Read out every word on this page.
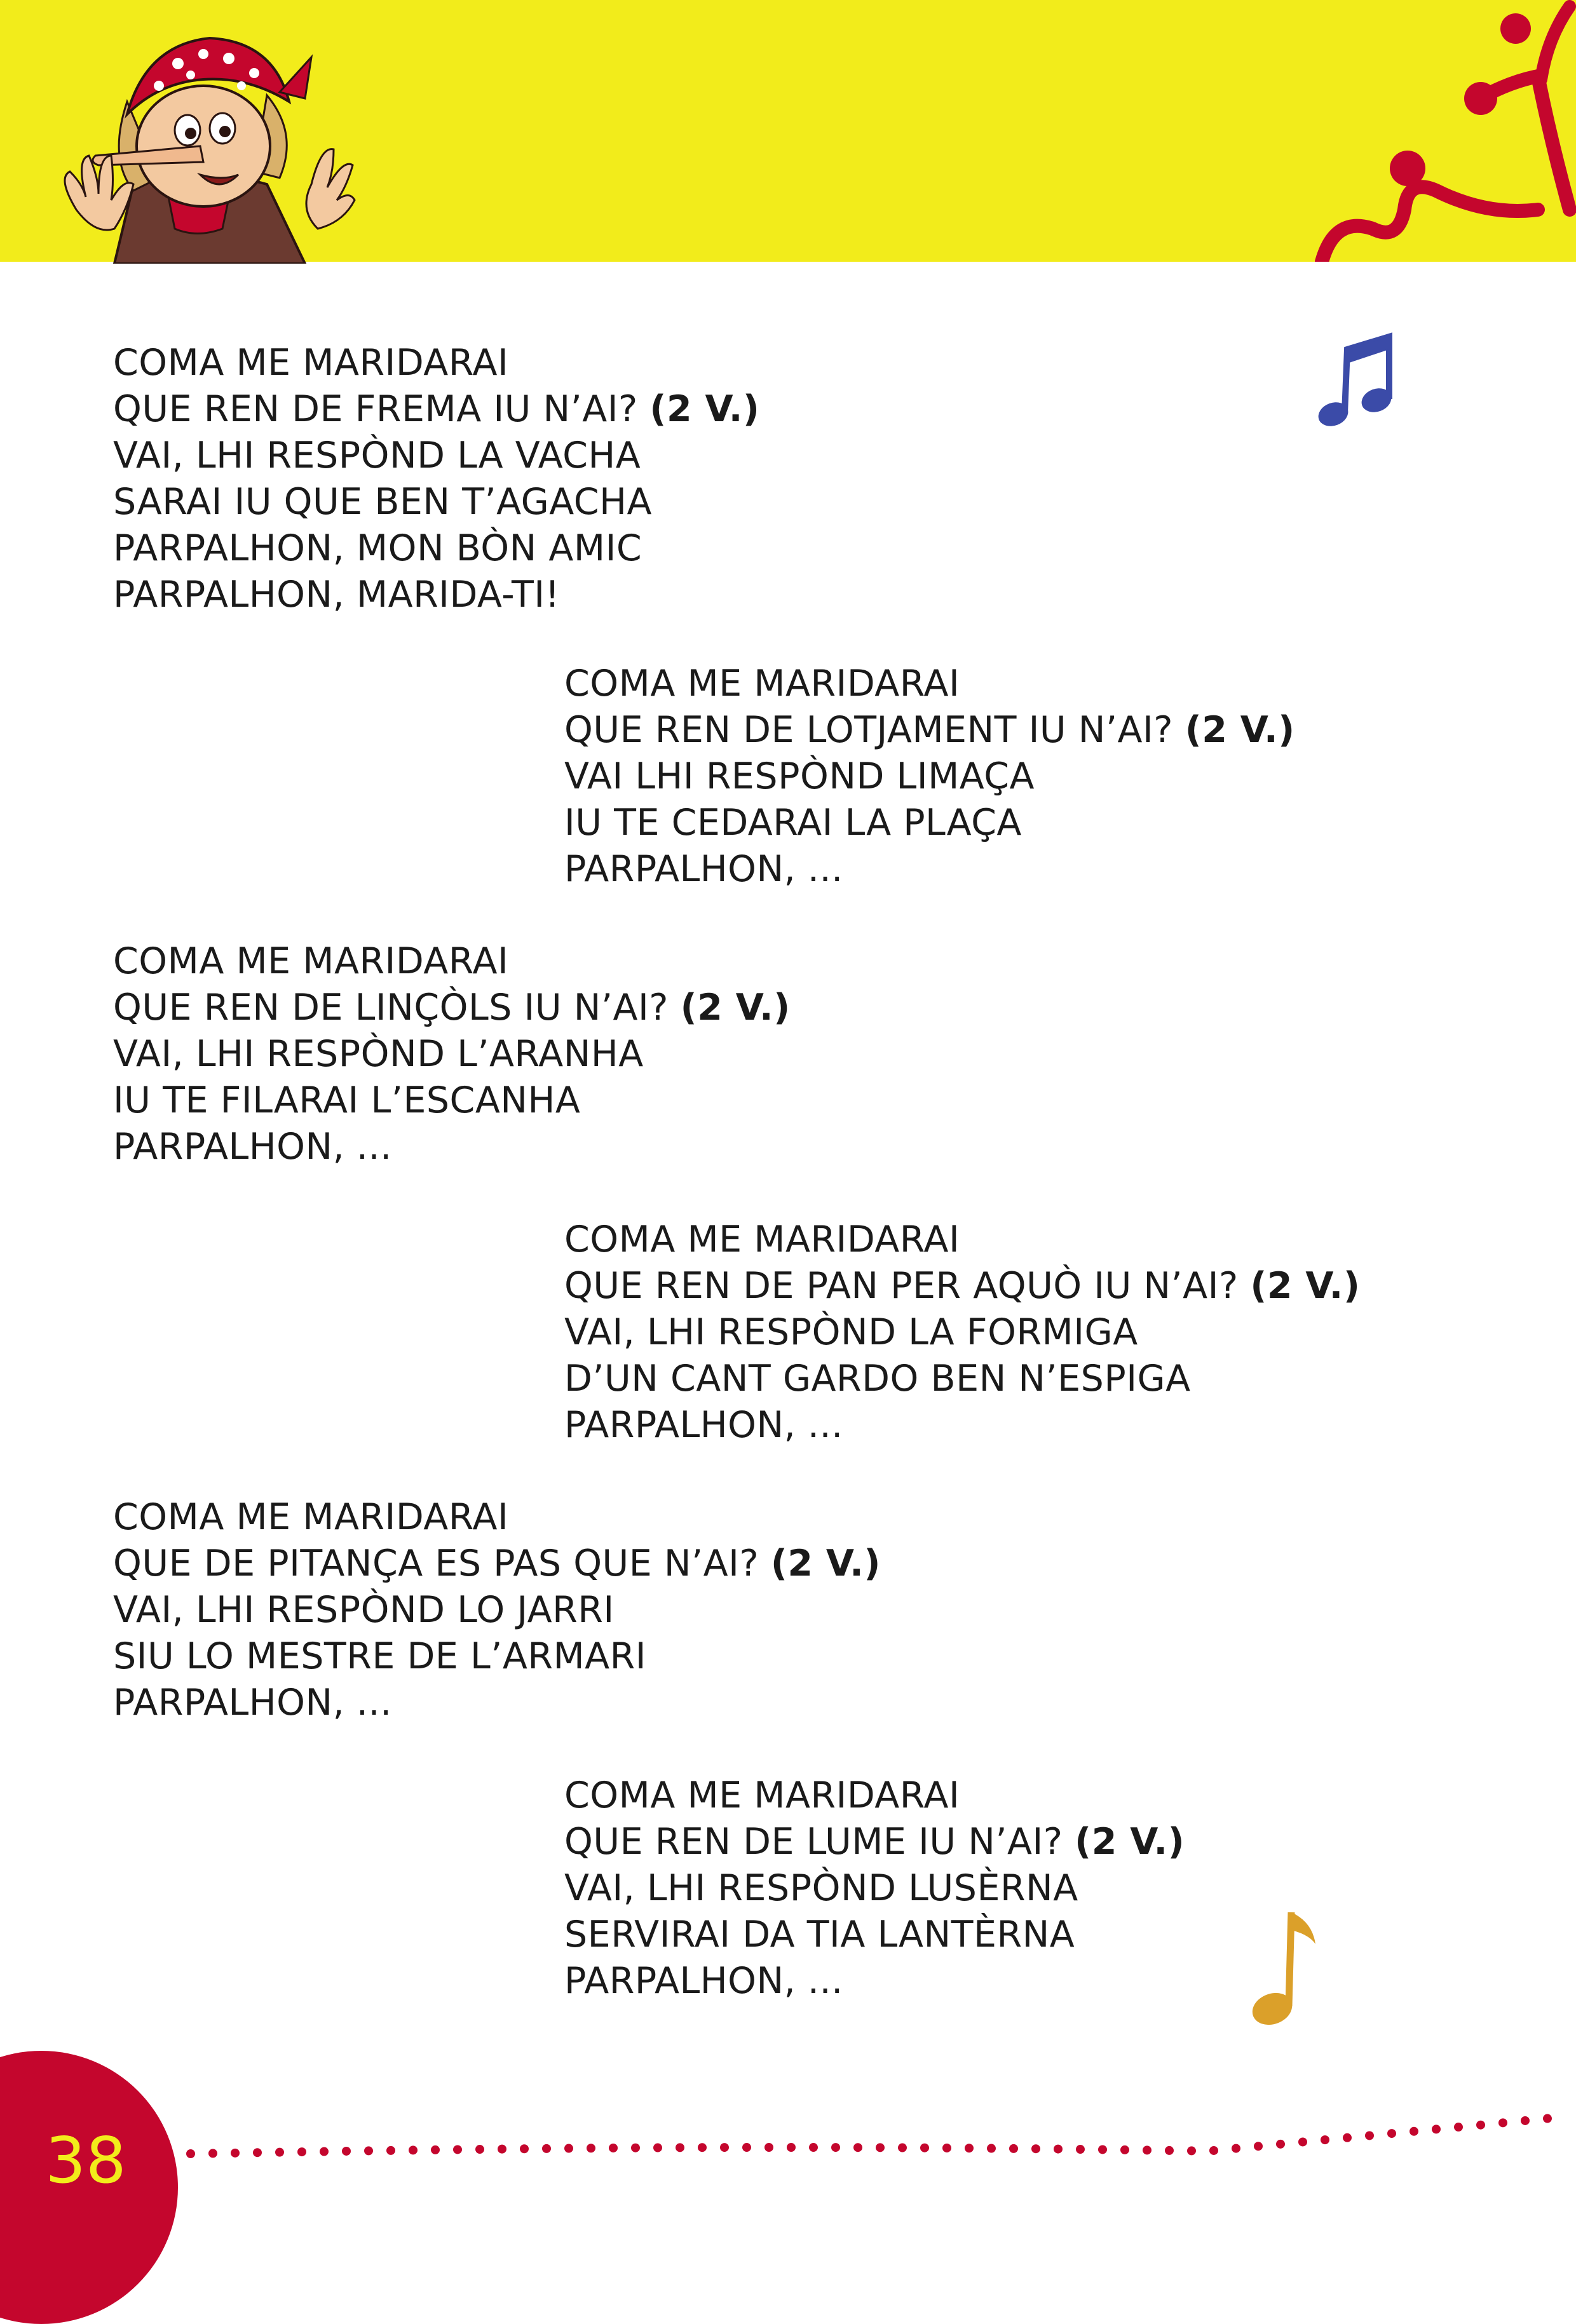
COMA ME MARIDARAI
QUE REN DE FREMA IU N’AI? (2 V.)
VAI, LHI RESPÒND LA VACHA
SARAI IU QUE BEN T’AGACHA
PARPALHON, MON BÒN AMIC
PARPALHON, MARIDA-TI!
COMA ME MARIDARAI
QUE REN DE LOTJAMENT IU N’AI? (2 V.)
VAI LHI RESPÒND LIMAÇA
IU TE CEDARAI LA PLAÇA
PARPALHON, ...
COMA ME MARIDARAI
QUE REN DE LINÇÒLS IU N’AI? (2 V.)
VAI, LHI RESPÒND L’ARANHA
IU TE FILARAI L’ESCANHA
PARPALHON, ...
COMA ME MARIDARAI
QUE REN DE PAN PER AQUÒ IU N’AI? (2 V.)
VAI, LHI RESPÒND LA FORMIGA
D’UN CANT GARDO BEN N’ESPIGA
PARPALHON, ...
COMA ME MARIDARAI
QUE DE PITANÇA ES PAS QUE N’AI? (2 V.)
VAI, LHI RESPÒND LO JARRI
SIU LO MESTRE DE L’ARMARI
PARPALHON, ...
COMA ME MARIDARAI
QUE REN DE LUME IU N’AI? (2 V.)
VAI, LHI RESPÒND LUSÈRNA
SERVIRAI DA TIA LANTÈRNA
PARPALHON, ...
38
